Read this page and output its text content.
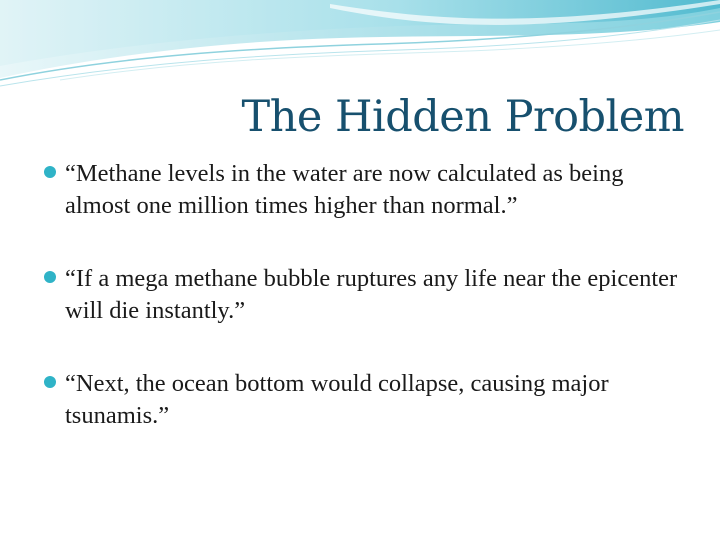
The Hidden Problem
“Methane levels in the water are now calculated as being almost one million times higher than normal.”
“If a mega methane bubble ruptures any life near the epicenter will die instantly.”
“Next, the ocean bottom would collapse, causing major tsunamis.”
